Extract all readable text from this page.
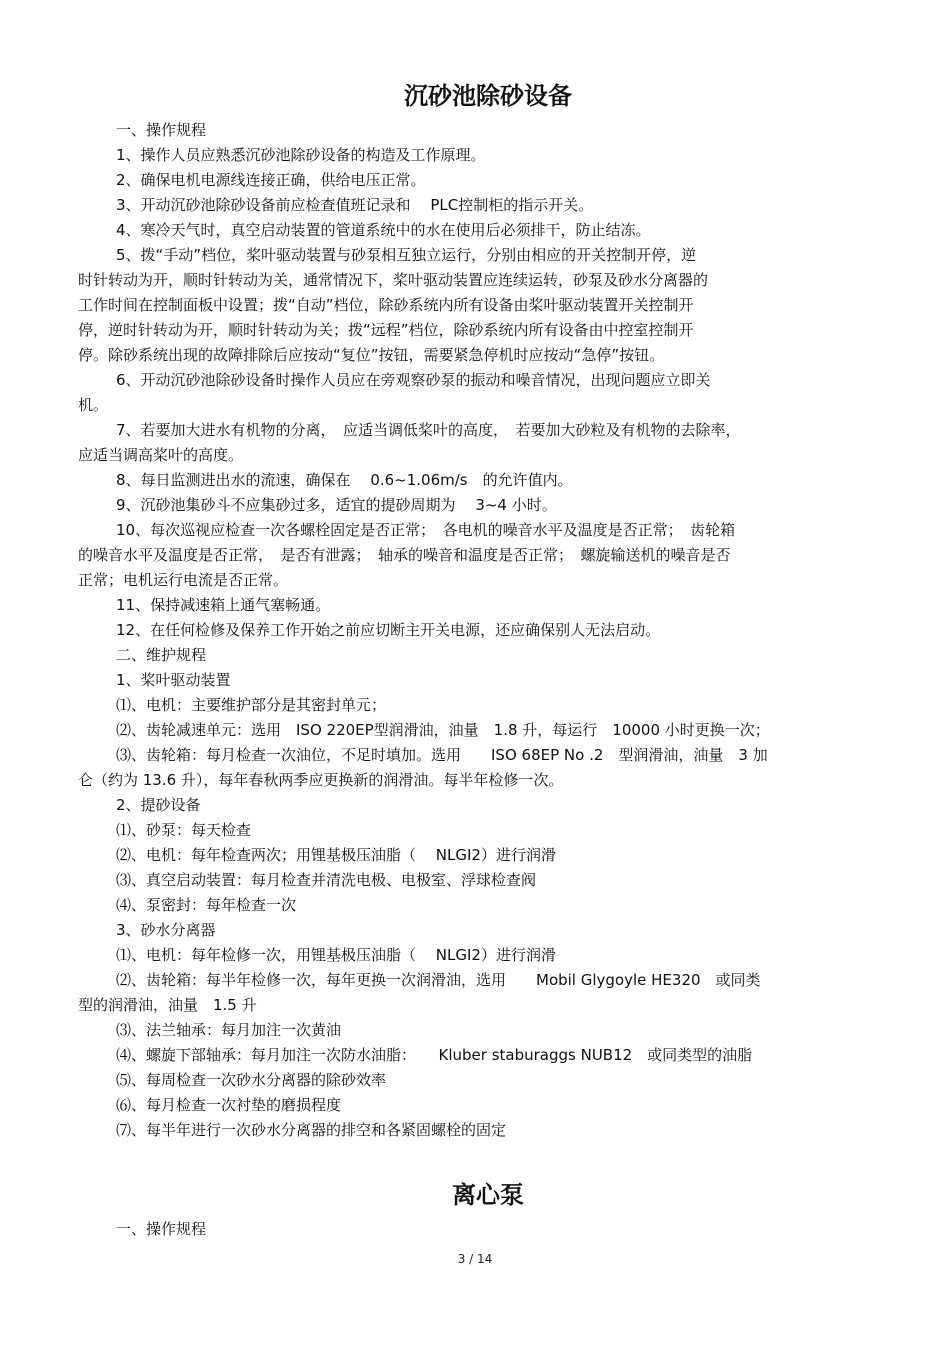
沉砂池除砂设备

一、操作规程

1、操作人员应熟悉沉砂池除砂设备的构造及工作原理。

2、确保电机电源线连接正确，供给电压正常。

3、开动沉砂池除砂设备前应检查值班记录和　 PLC控制柜的指示开关。

4、寒冷天气时，真空启动装置的管道系统中的水在使用后必须排干，防止结冻。

5、拨“手动”档位，桨叶驱动装置与砂泵相互独立运行，分别由相应的开关控制开停，逆

时针转动为开，顺时针转动为关，通常情况下，桨叶驱动装置应连续运转，砂泵及砂水分离器的

工作时间在控制面板中设置；拨“自动”档位，除砂系统内所有设备由桨叶驱动装置开关控制开

停，逆时针转动为开，顺时针转动为关；拨“远程”档位，除砂系统内所有设备由中控室控制开

停。除砂系统出现的故障排除后应按动“复位”按钮，需要紧急停机时应按动“急停”按钮。

6、开动沉砂池除砂设备时操作人员应在旁观察砂泵的振动和噪音情况，出现问题应立即关

机。

7、若要加大进水有机物的分离，　应适当调低桨叶的高度，　若要加大砂粒及有机物的去除率，

应适当调高桨叶的高度。

8、每日监测进出水的流速，确保在　 0.6~1.06m/s　的允许值内。

9、沉砂池集砂斗不应集砂过多，适宜的提砂周期为　 3~4 小时。

10、每次巡视应检查一次各螺栓固定是否正常；　各电机的噪音水平及温度是否正常；　齿轮箱

的噪音水平及温度是否正常，　是否有泄露；　轴承的噪音和温度是否正常；　螺旋输送机的噪音是否

正常；电机运行电流是否正常。

11、保持减速箱上通气塞畅通。

12、在任何检修及保养工作开始之前应切断主开关电源，还应确保别人无法启动。

二、维护规程

1、桨叶驱动装置

⑴、电机：主要维护部分是其密封单元；

⑵、齿轮减速单元：选用　ISO 220EP型润滑油，油量　1.8 升，每运行　10000 小时更换一次；

⑶、齿轮箱：每月检查一次油位，不足时填加。选用　　ISO 68EP No .2　型润滑油，油量　3 加

仑（约为 13.6 升），每年春秋两季应更换新的润滑油。每半年检修一次。

2、提砂设备

⑴、砂泵：每天检查

⑵、电机：每年检查两次；用锂基极压油脂（　 NLGI2）进行润滑

⑶、真空启动装置：每月检查并清洗电极、电极室、浮球检查阀

⑷、泵密封：每年检查一次

3、砂水分离器

⑴、电机：每年检修一次，用锂基极压油脂（　 NLGI2）进行润滑

⑵、齿轮箱：每半年检修一次，每年更换一次润滑油，选用　　Mobil Glygoyle HE320　或同类

型的润滑油，油量　1.5 升

⑶、法兰轴承：每月加注一次黄油

⑷、螺旋下部轴承：每月加注一次防水油脂：　　Kluber staburaggs NUB12　或同类型的油脂

⑸、每周检查一次砂水分离器的除砂效率

⑹、每月检查一次衬垫的磨损程度

⑺、每半年进行一次砂水分离器的排空和各紧固螺栓的固定

离心泵

一、操作规程

3 / 14
